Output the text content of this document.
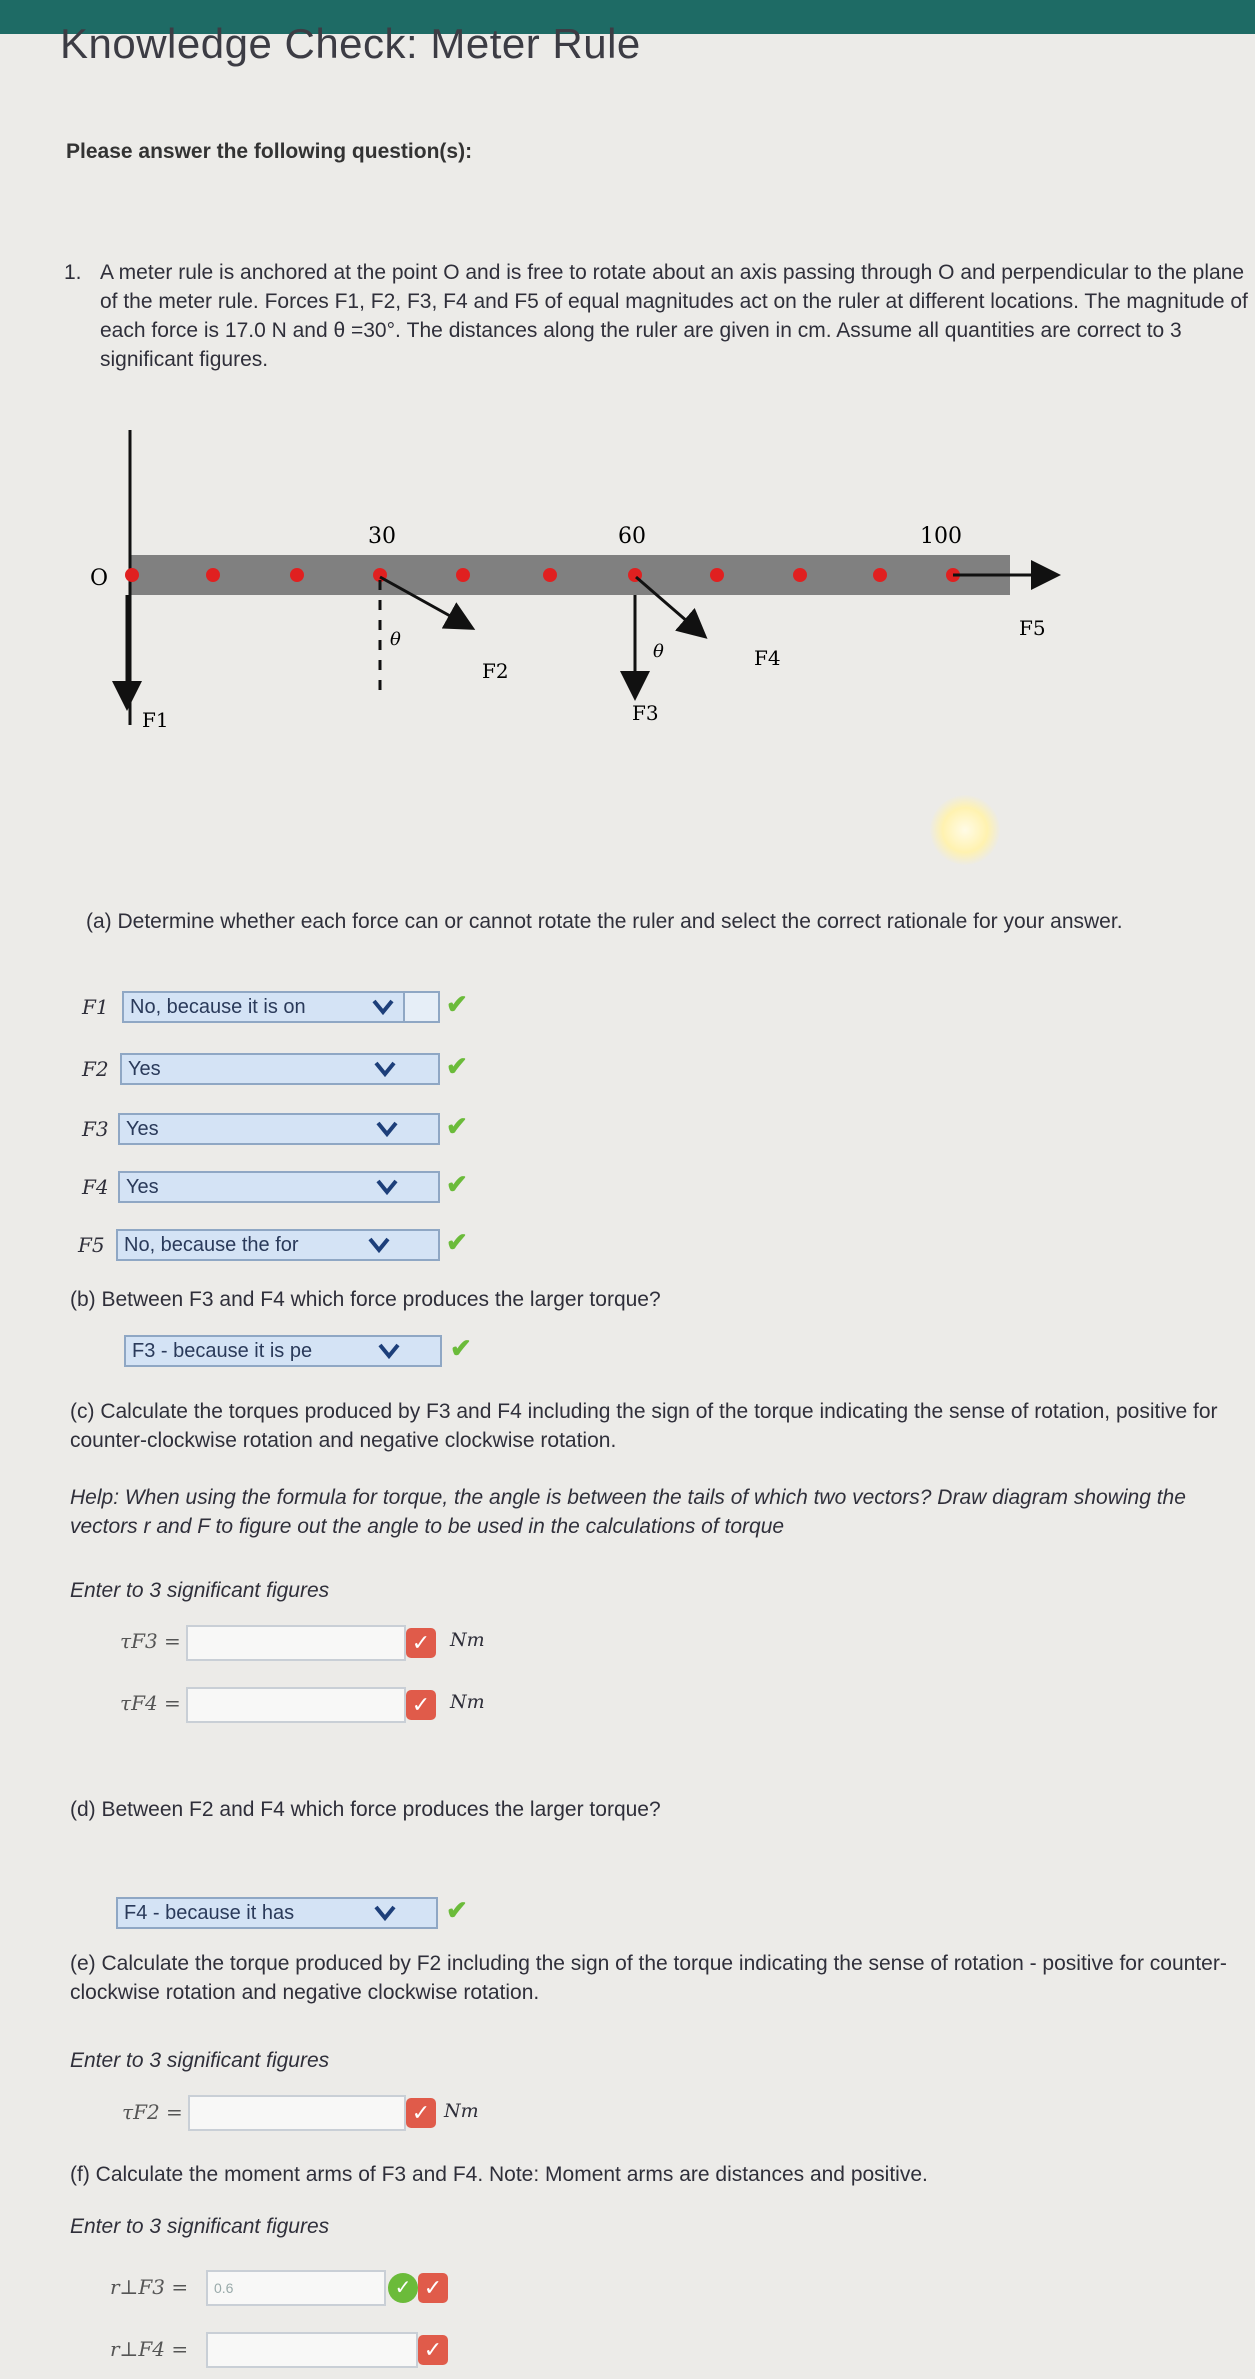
Knowledge Check: Meter Rule
Please answer the following question(s):
1. A meter rule is anchored at the point O and is free to rotate about an axis passing through O and perpendicular to the plane of the meter rule. Forces F1, F2, F3, F4 and F5 of equal magnitudes act on the ruler at different locations. The magnitude of each force is 17.0 N and θ =30°. The distances along the ruler are given in cm. Assume all quantities are correct to 3 significant figures.
O
30	60	100
F1
θ
F2
F3
θ	F4
F5
(a) Determine whether each force can or cannot rotate the ruler and select the correct rationale for your answer.
F1	No, because it is on	✔
F2 Yes	✔
F3 Yes	✔
F4 Yes	✔
F5 No, because the for	✔
(b) Between F3 and F4 which force produces the larger torque?
F3 - because it is pe	✔
(c) Calculate the torques produced by F3 and F4 including the sign of the torque indicating the sense of rotation, positive for counter-clockwise rotation and negative clockwise rotation.
Help: When using the formula for torque, the angle is between the tails of which two vectors? Draw diagram showing the vectors r and F to figure out the angle to be used in the calculations of torque
Enter to 3 significant figures
τF3 =	✓	Nm
τF4 =	✓	Nm
(d) Between F2 and F4 which force produces the larger torque?
F4 - because it has	✔
(e) Calculate the torque produced by F2 including the sign of the torque indicating the sense of rotation - positive for counter-clockwise rotation and negative clockwise rotation.
Enter to 3 significant figures
τF2 =	✓ Nm
(f) Calculate the moment arms of F3 and F4. Note: Moment arms are distances and positive.
Enter to 3 significant figures
r⊥F3 =	0.6	✓ ✓
r⊥F4 =	✓
